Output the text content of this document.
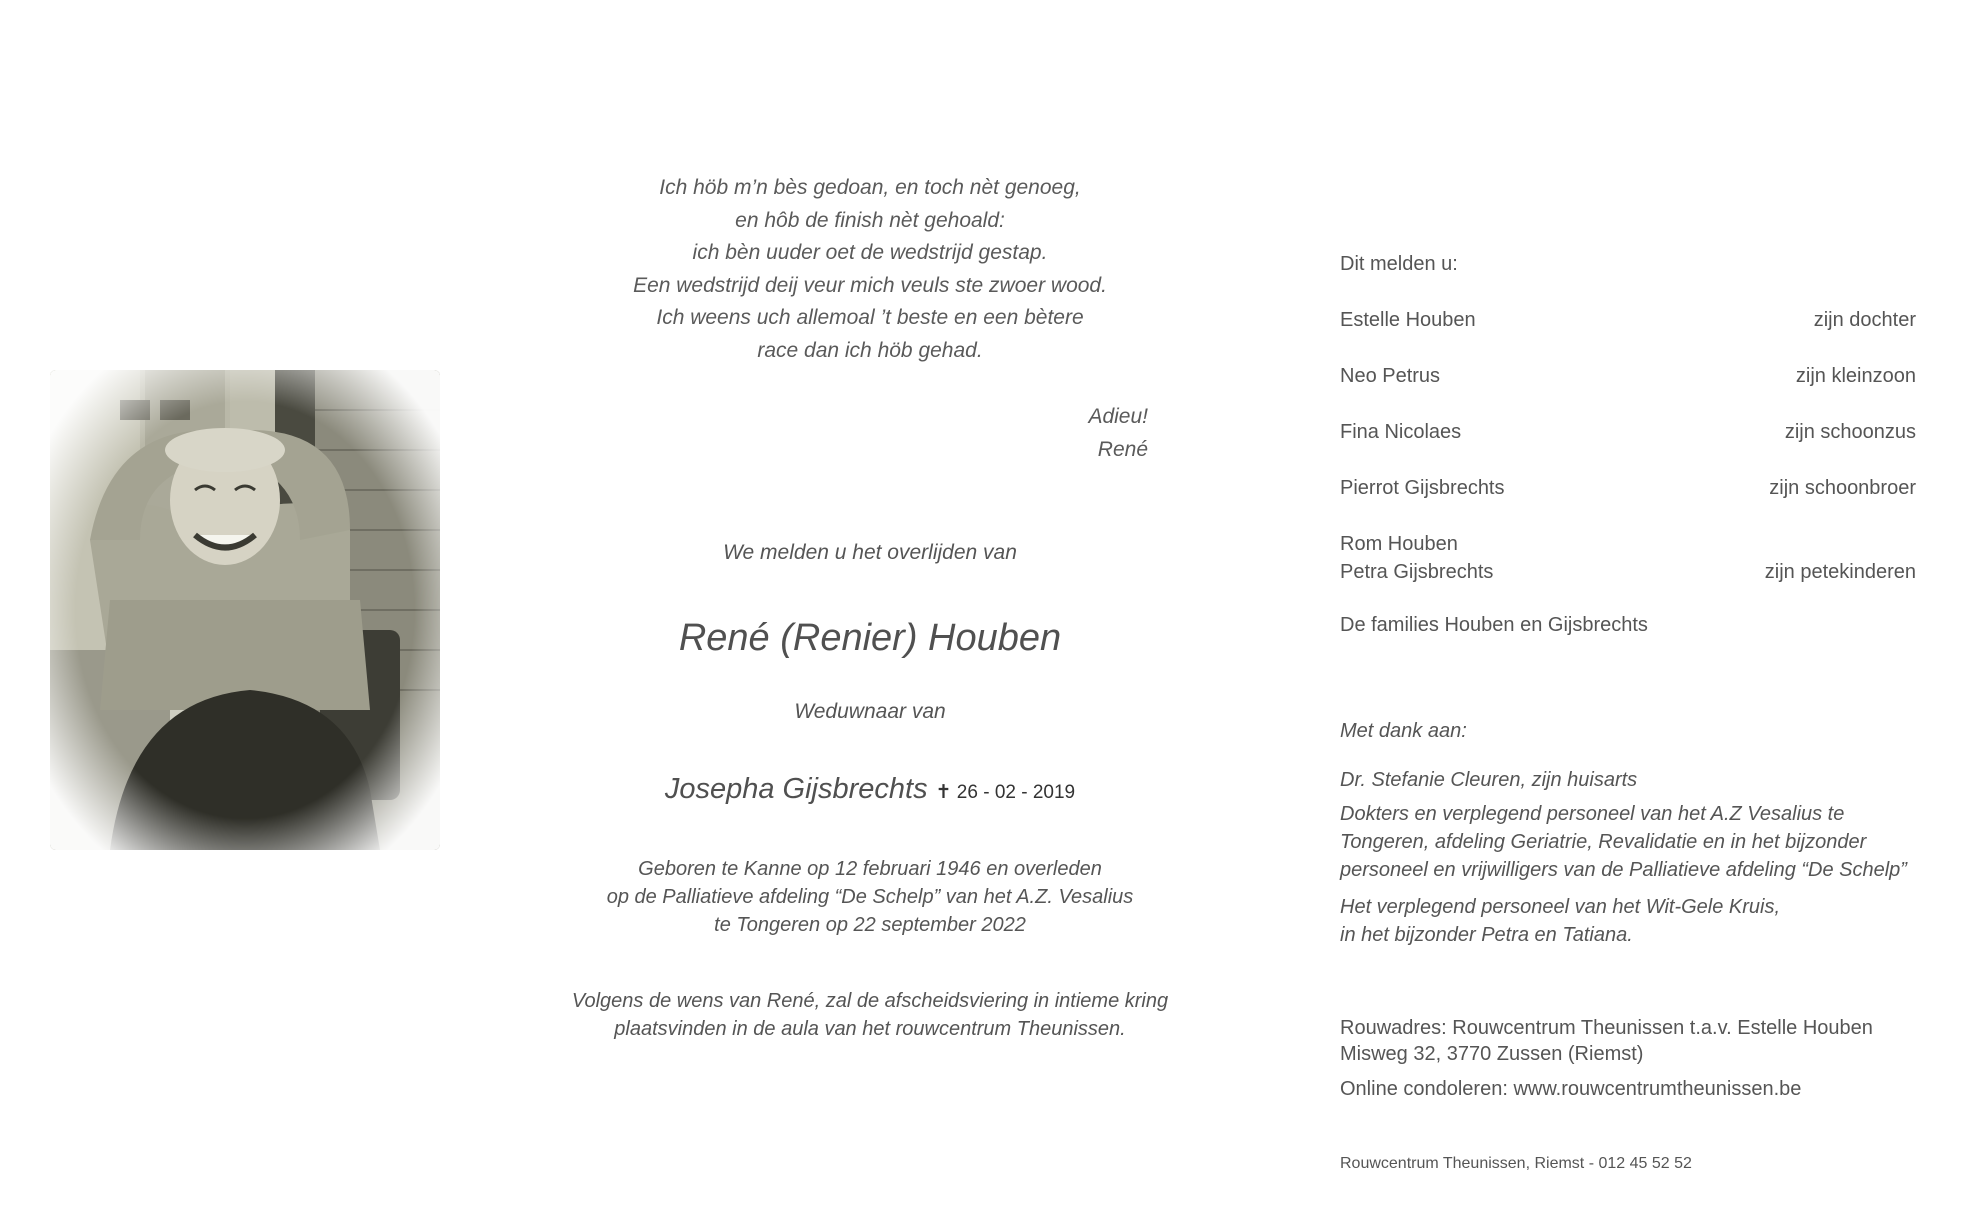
Ich höb m’n bès gedoan, en toch nèt genoeg,
en hôb de finish nèt gehoald:
ich bèn uuder oet de wedstrijd gestap.
Een wedstrijd deij veur mich veuls ste zwoer wood.
Ich weens uch allemoal ’t beste en een bètere
race dan ich höb gehad.
Adieu!
René
We melden u het overlijden van
René (Renier) Houben
Weduwnaar van
Josepha Gijsbrechts ✝ 26 - 02 - 2019
Geboren te Kanne op 12 februari 1946 en overleden
op de Palliatieve afdeling “De Schelp” van het A.Z. Vesalius
te Tongeren op 22 september 2022
Volgens de wens van René, zal de afscheidsviering in intieme kring
plaatsvinden in de aula van het rouwcentrum Theunissen.
Dit melden u:
Estelle Houben	zijn dochter
Neo Petrus	zijn kleinzoon
Fina Nicolaes	zijn schoonzus
Pierrot Gijsbrechts	zijn schoonbroer
Rom Houben
Petra Gijsbrechts	zijn petekinderen
De families Houben en Gijsbrechts
Met dank aan:
Dr. Stefanie Cleuren, zijn huisarts
Dokters en verplegend personeel van het A.Z Vesalius te
Tongeren, afdeling Geriatrie, Revalidatie en in het bijzonder
personeel en vrijwilligers van de Palliatieve afdeling “De Schelp”
Het verplegend personeel van het Wit-Gele Kruis,
in het bijzonder Petra en Tatiana.
Rouwadres: Rouwcentrum Theunissen t.a.v. Estelle Houben
Misweg 32, 3770 Zussen (Riemst)
Online condoleren: www.rouwcentrumtheunissen.be
Rouwcentrum Theunissen, Riemst - 012 45 52 52
